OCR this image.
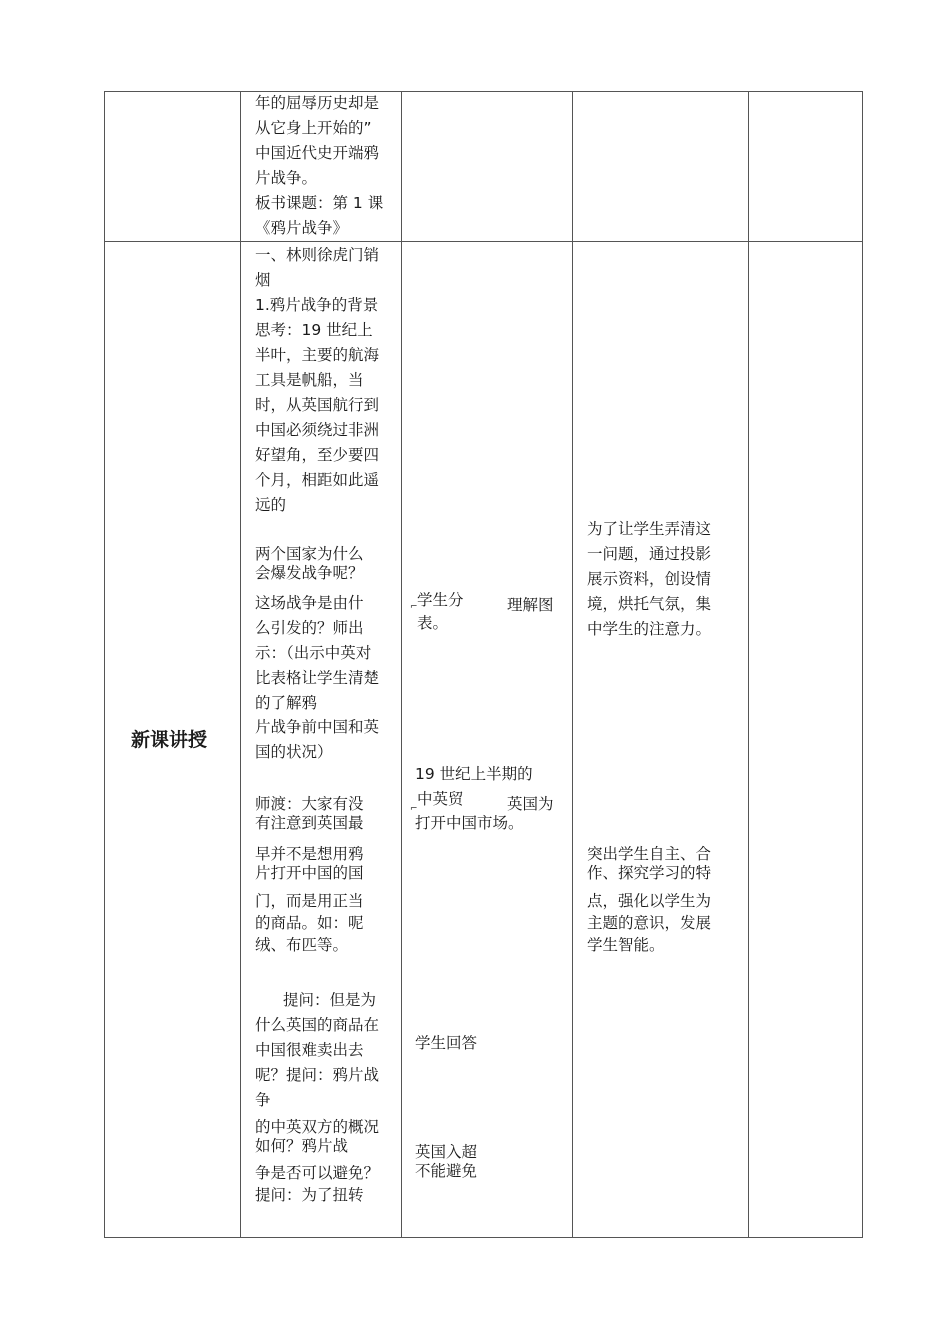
年的屈辱历史却是
从它身上开始的”
中国近代史开端鸦
片战争。
板书课题：第 1 课
《鸦片战争》
新课讲授
一、林则徐虎门销
烟
1.鸦片战争的背景
思考：19 世纪上
半叶，主要的航海
工具是帆船，当
时，从英国航行到
中国必须绕过非洲
好望角，至少要四
个月，相距如此遥
远的
两个国家为什么
会爆发战争呢？
这场战争是由什
么引发的？师出
示：（出示中英对
比表格让学生清楚
的了解鸦
片战争前中国和英
国的状况）
师渡：大家有没
有注意到英国最
早并不是想用鸦
片打开中国的国
门，而是用正当
的商品。如：呢
绒、布匹等。
提问：但是为
什么英国的商品在
中国很难卖出去
呢？提问：鸦片战
争
的中英双方的概况
如何？鸦片战
争是否可以避免？
提问：为了扭转
⌐ 学生分	理解图
表。
19 世纪上半期的
⌐
中英贸	英国为
打开中国市场。
学生回答
英国入超
不能避免
为了让学生弄清这
一问题，通过投影
展示资料，创设情
境，烘托气氛，集
中学生的注意力。
突出学生自主、合
作、探究学习的特
点，强化以学生为
主题的意识，发展
学生智能。
